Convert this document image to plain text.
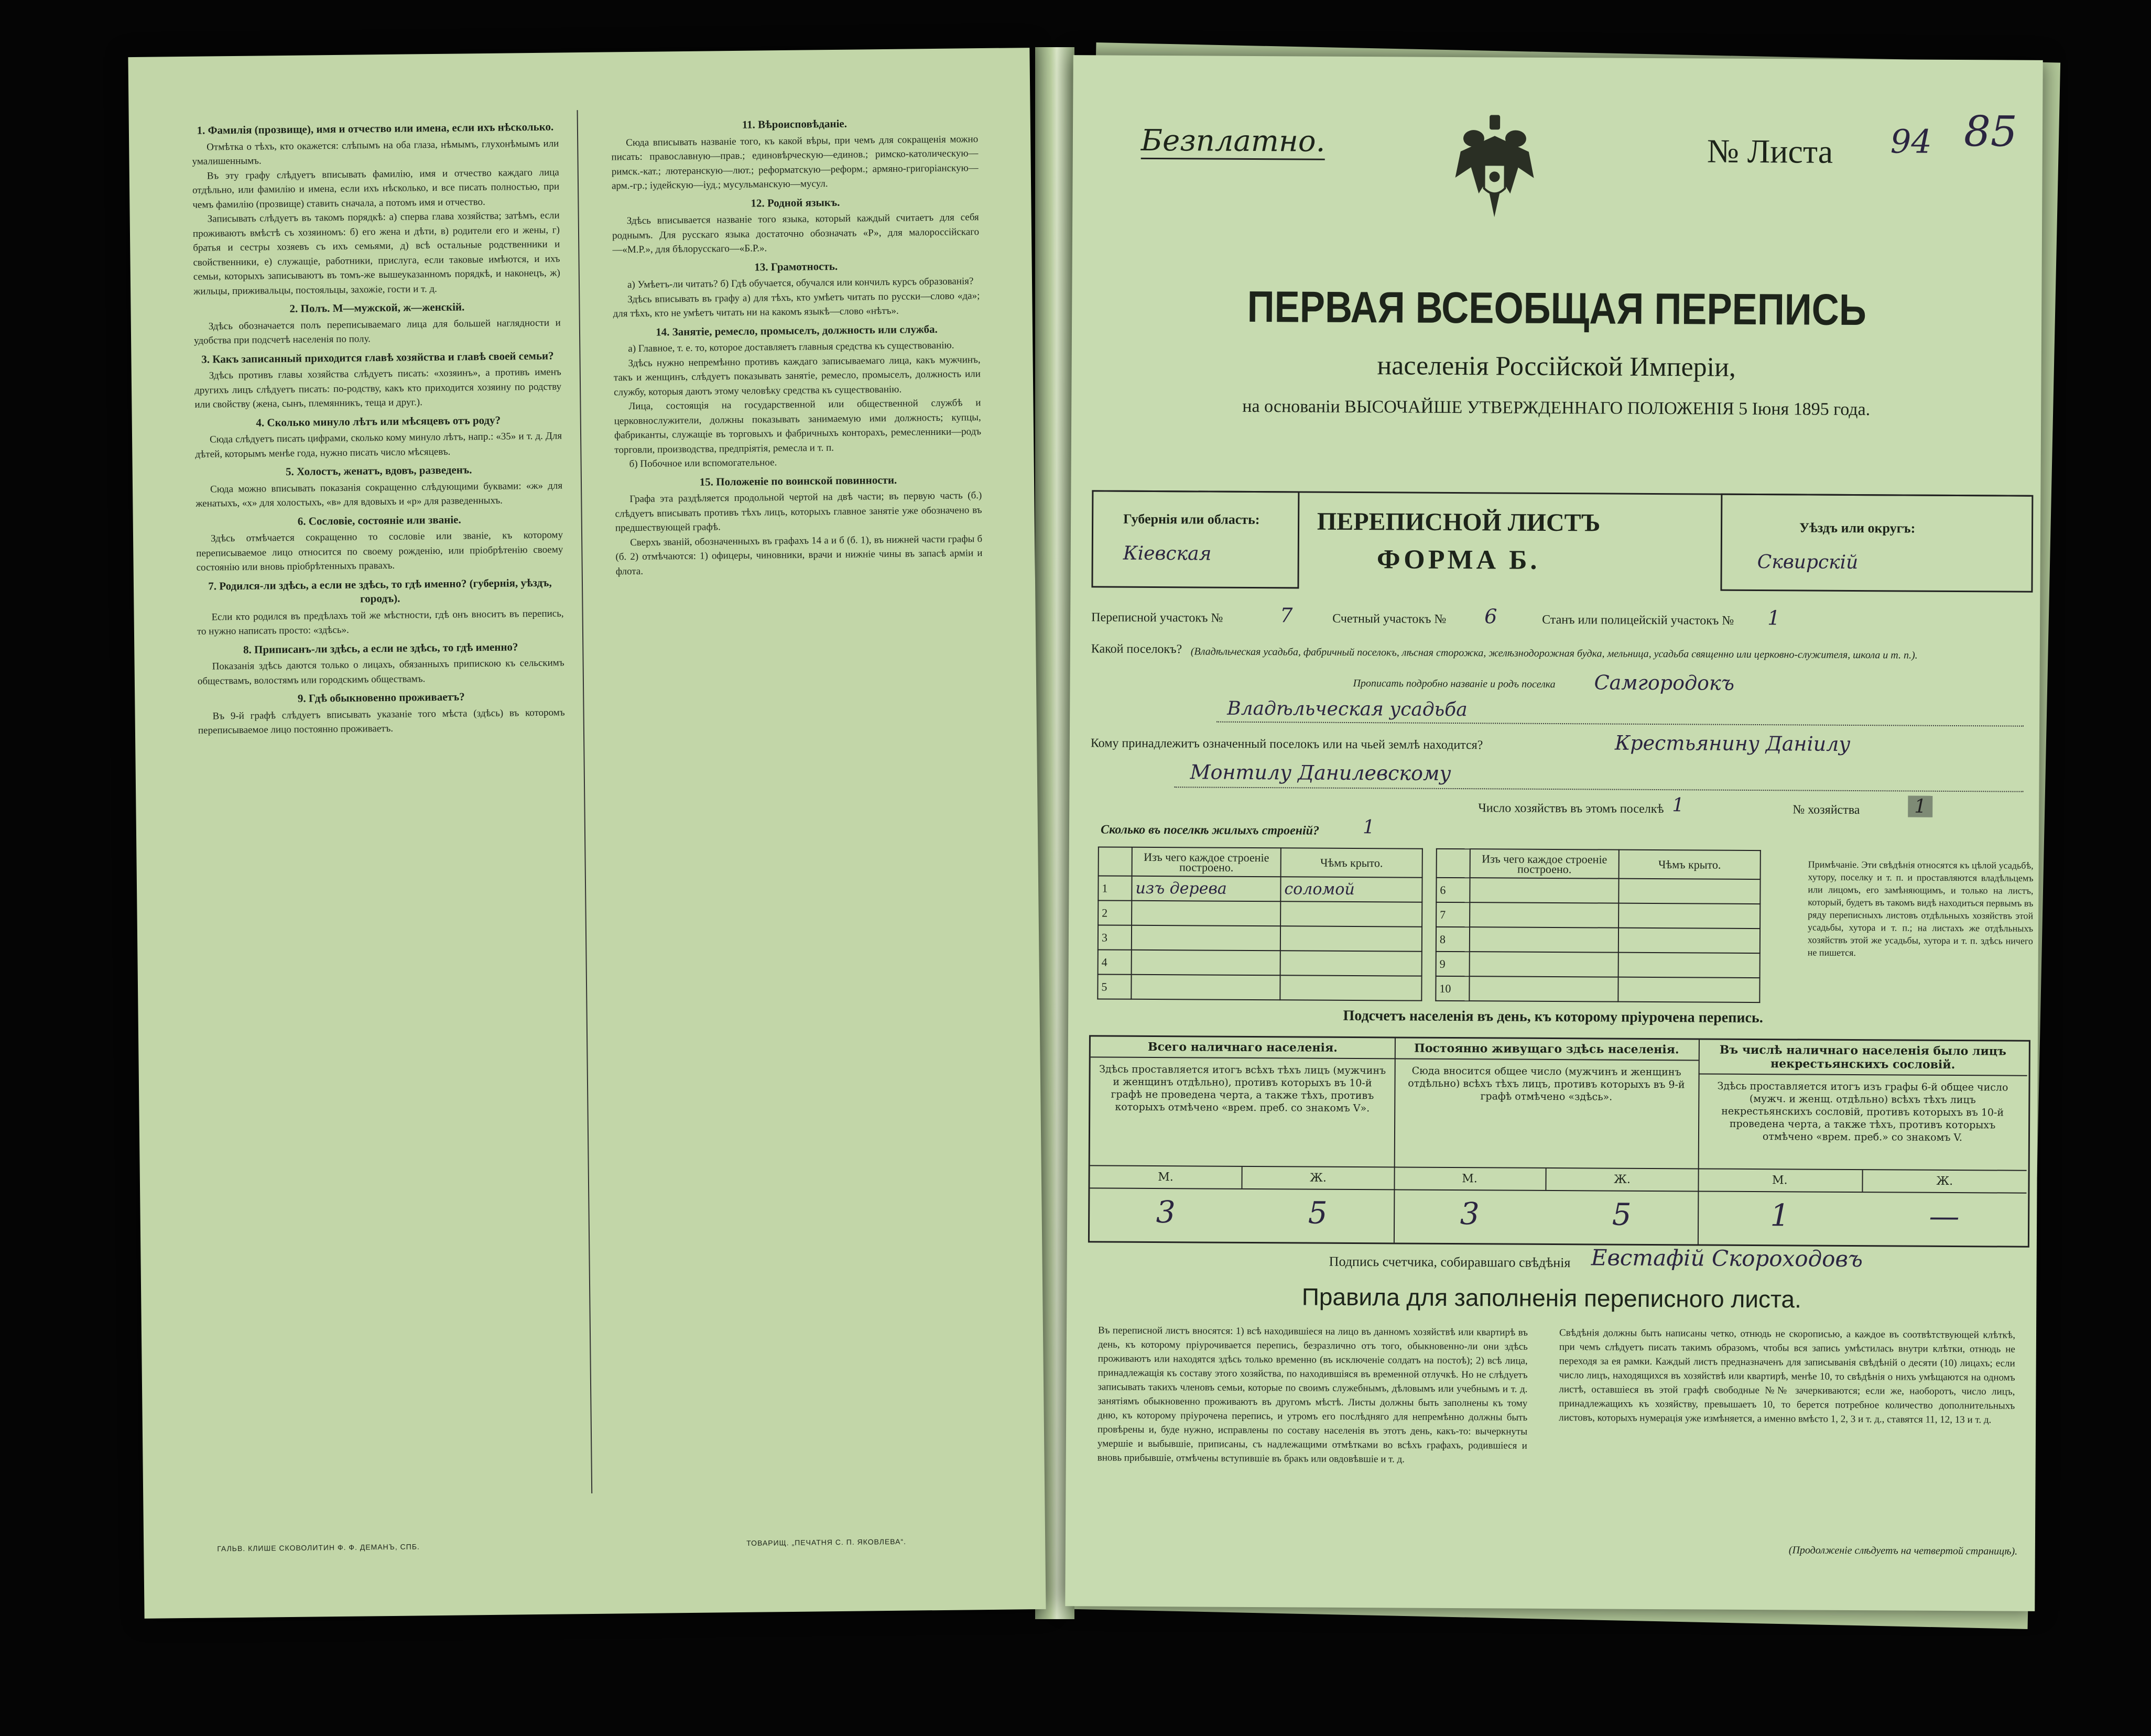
1. Фамилія (прозвище), имя и отчество или имена, если ихъ нѣсколько.

Отмѣтка о тѣхъ, кто окажется: слѣпымъ на оба глаза, нѣмымъ, глухонѣмымъ или умалишеннымъ.

Въ эту графу слѣдуетъ вписывать фамилію, имя и отчество каждаго лица отдѣльно, или фамилію и имена, если ихъ нѣсколько, и все писать полностью, при чемъ фамилію (прозвище) ставить сначала, а потомъ имя и отчество.

Записывать слѣдуетъ въ такомъ порядкѣ: а) сперва глава хозяйства; затѣмъ, если проживаютъ вмѣстѣ съ хозяиномъ: б) его жена и дѣти, в) родители его и жены, г) братья и сестры хозяевъ съ ихъ семьями, д) всѣ остальные родственники и свойственники, е) служащіе, работники, прислуга, если таковые имѣются, и ихъ семьи, которыхъ записываютъ въ томъ-же вышеуказанномъ порядкѣ, и наконецъ, ж) жильцы, приживальцы, постояльцы, захожіе, гости и т. д.

2. Полъ. М—мужской, ж—женскій.

Здѣсь обозначается полъ переписываемаго лица для большей наглядности и удобства при подсчетѣ населенія по полу.

3. Какъ записанный приходится главѣ хозяйства и главѣ своей семьи?

Здѣсь противъ главы хозяйства слѣдуетъ писать: «хозяинъ», а противъ именъ другихъ лицъ слѣдуетъ писать: по-родству, какъ кто приходится хозяину по родству или свойству (жена, сынъ, племянникъ, теща и друг.).

4. Сколько минуло лѣтъ или мѣсяцевъ отъ роду?

Сюда слѣдуетъ писать цифрами, сколько кому минуло лѣтъ, напр.: «35» и т. д. Для дѣтей, которымъ менѣе года, нужно писать число мѣсяцевъ.

5. Холостъ, женатъ, вдовъ, разведенъ.

Сюда можно вписывать показанія сокращенно слѣдующими буквами: «ж» для женатыхъ, «х» для холостыхъ, «в» для вдовыхъ и «р» для разведенныхъ.

6. Сословіе, состояніе или званіе.

Здѣсь отмѣчается сокращенно то сословіе или званіе, къ которому переписываемое лицо относится по своему рожденію, или пріобрѣтенію своему состоянію или вновь пріобрѣтенныхъ правахъ.

7. Родился-ли здѣсь, а если не здѣсь, то гдѣ именно? (губернія, уѣздъ, городъ).

Если кто родился въ предѣлахъ той же мѣстности, гдѣ онъ вноситъ въ перепись, то нужно написать просто: «здѣсь».

8. Приписанъ-ли здѣсь, а если не здѣсь, то гдѣ именно?

Показанія здѣсь даются только о лицахъ, обязанныхъ припискою къ сельскимъ обществамъ, волостямъ или городскимъ обществамъ.

9. Гдѣ обыкновенно проживаетъ?

Въ 9-й графѣ слѣдуетъ вписывать указаніе того мѣста (здѣсь) въ которомъ переписываемое лицо постоянно проживаетъ.

11. Вѣроисповѣданіе.

Сюда вписывать названіе того, къ какой вѣры, при чемъ для сокращенія можно писать: православную—прав.; единовѣрческую—единов.; римско-католическую—римск.-кат.; лютеранскую—лют.; реформатскую—реформ.; армяно-григоріанскую—арм.-гр.; іудейскую—іуд.; мусульманскую—мусул.

12. Родной языкъ.

Здѣсь вписывается названіе того языка, который каждый считаетъ для себя роднымъ. Для русскаго языка достаточно обозначать «Р», для малороссійскаго—«М.Р.», для бѣлорусскаго—«Б.Р.».

13. Грамотность.

а) Умѣетъ-ли читать? б) Гдѣ обучается, обучался или кончилъ курсъ образованія?

Здѣсь вписывать въ графу а) для тѣхъ, кто умѣетъ читать по русски—слово «да»; для тѣхъ, кто не умѣетъ читать ни на какомъ языкѣ—слово «нѣтъ».

14. Занятіе, ремесло, промыселъ, должность или служба.

а) Главное, т. е. то, которое доставляетъ главныя средства къ существованію.

Здѣсь нужно непремѣнно противъ каждаго записываемаго лица, какъ мужчинъ, такъ и женщинъ, слѣдуетъ показывать занятіе, ремесло, промыселъ, должность или службу, которыя даютъ этому человѣку средства къ существованію.

Лица, состоящія на государственной или общественной службѣ и церковнослужители, должны показывать занимаемую ими должность; купцы, фабриканты, служащіе въ торговыхъ и фабричныхъ конторахъ, ремесленники—родъ торговли, производства, предпріятія, ремесла и т. п.

б) Побочное или вспомогательное.

15. Положеніе по воинской повинности.

Графа эта раздѣляется продольной чертой на двѣ части; въ первую часть (б.) слѣдуетъ вписывать противъ тѣхъ лицъ, которыхъ главное занятіе уже обозначено въ предшествующей графѣ.

Сверхъ званій, обозначенныхъ въ графахъ 14 а и б (б. 1), въ нижней части графы б (б. 2) отмѣчаются: 1) офицеры, чиновники, врачи и нижніе чины въ запасѣ арміи и флота.

ГАЛЬВ. КЛИШЕ СКОВОЛИТИН Ф. Ф. ДЕМАНЪ, СПБ.
ТОВАРИЩ. „ПЕЧАТНЯ С. П. ЯКОВЛЕВА“.
Безплатно.	№ Листа 94 85
ПЕРВАЯ ВСЕОБЩАЯ ПЕРЕПИСЬ
населенія Россійской Имперіи,
на основаніи ВЫСОЧАЙШЕ УТВЕРЖДЕННАГО ПОЛОЖЕНІЯ 5 Іюня 1895 года.
Губернія или область:
Кіевская
ПЕРЕПИСНОЙ ЛИСТЪ
ФОРМА Б.
Уѣздъ или округъ:
Сквирскій
Переписной участокъ №	7	Счетный участокъ № 6	Станъ или полицейскій участокъ № 1
Какой поселокъ? (Владѣльческая усадьба, фабричный поселокъ, лѣсная сторожка, желѣзнодорожная будка, мельница, усадьба священно или церковно-служителя, школа и т. п.).
Прописать подробно названіе и родъ поселка Самгородокъ
Владѣльческая усадьба
Кому принадлежитъ означенный поселокъ или на чьей землѣ находится?	Крестьянину Даніилу
Монтилу Данилевскому
Число хозяйствъ въ этомъ поселкѣ 1	№ хозяйства	1
Сколько въ поселкѣ жилыхъ строеній? 1
	Изъ чего каждое строеніе построено.	Чѣмъ крыто.
1	изъ дерева	соломой
2		
3		
4		
5		
	Изъ чего каждое строеніе построено.	Чѣмъ крыто.
6		
7		
8		
9		
10		
Примѣчаніе. Эти свѣдѣнія относятся къ цѣлой усадьбѣ, хутору, поселку и т. п. и проставляются владѣльцемъ или лицомъ, его замѣняющимъ, и только на листъ, который, будетъ въ такомъ видѣ находиться первымъ въ ряду переписныхъ листовъ отдѣльныхъ хозяйствъ этой усадьбы, хутора и т. п.; на листахъ же отдѣльныхъ хозяйствъ этой же усадьбы, хутора и т. п. здѣсь ничего не пишется.
Подсчетъ населенія въ день, къ которому пріурочена перепись.
Всего наличнаго населенія.
Здѣсь проставляется итогъ всѣхъ тѣхъ лицъ (мужчинъ и женщинъ отдѣльно), противъ которыхъ въ 10-й графѣ не проведена черта, а также тѣхъ, противъ которыхъ отмѣчено «врем. преб. со знакомъ V».
М.	Ж.
3	5
Постоянно живущаго здѣсь населенія.
Сюда вносится общее число (мужчинъ и женщинъ отдѣльно) всѣхъ тѣхъ лицъ, противъ которыхъ въ 9-й графѣ отмѣчено «здѣсь».
М.	Ж.
3	5
Въ числѣ наличнаго населенія было лицъ некрестьянскихъ сословій.
Здѣсь проставляется итогъ изъ графы 6-й общее число (мужч. и женщ. отдѣльно) всѣхъ тѣхъ лицъ некрестьянскихъ сословій, противъ которыхъ въ 10-й проведена черта, а также тѣхъ, противъ которыхъ отмѣчено «врем. преб.» со знакомъ V.
М.	Ж.
1	—
Подпись счетчика, собиравшаго свѣдѣнія Евстафій Скороходовъ
Правила для заполненія переписного листа.
Въ переписной листъ вносятся: 1) всѣ находившіеся на лицо въ данномъ хозяйствѣ или квартирѣ въ день, къ которому пріурочивается перепись, безразлично отъ того, обыкновенно-ли они здѣсь проживаютъ или находятся здѣсь только временно (въ исключеніе солдатъ на постоѣ); 2) всѣ лица, принадлежащія къ составу этого хозяйства, по находившіяся въ временной отлучкѣ. Но не слѣдуетъ записывать такихъ членовъ семьи, которые по своимъ служебнымъ, дѣловымъ или учебнымъ и т. д. занятіямъ обыкновенно проживаютъ въ другомъ мѣстѣ. Листы должны быть заполнены къ тому дню, къ которому пріурочена перепись, и утромъ его послѣдняго для непремѣнно должны быть провѣрены и, буде нужно, исправлены по составу населенія въ этотъ день, какъ-то: вычеркнуты умершіе и выбывшіе, приписаны, съ надлежащими отмѣтками во всѣхъ графахъ, родившіеся и вновь прибывшіе, отмѣчены вступившіе въ бракъ или овдовѣвшіе и т. д.
Свѣдѣнія должны быть написаны четко, отнюдь не скорописью, а каждое въ соотвѣтствующей клѣткѣ, при чемъ слѣдуетъ писать такимъ образомъ, чтобы вся запись умѣстилась внутри клѣтки, отнюдь не переходя за ея рамки. Каждый листъ предназначенъ для записыванія свѣдѣній о десяти (10) лицахъ; если число лицъ, находящихся въ хозяйствѣ или квартирѣ, менѣе 10, то свѣдѣнія о нихъ умѣщаются на одномъ листѣ, оставшіеся въ этой графѣ свободные №№ зачеркиваются; если же, наоборотъ, число лицъ, принадлежащихъ къ хозяйству, превышаетъ 10, то берется потребное количество дополнительныхъ листовъ, которыхъ нумерація уже измѣняется, а именно вмѣсто 1, 2, 3 и т. д., ставятся 11, 12, 13 и т. д.
(Продолженіе слѣдуетъ на четвертой страницѣ).
